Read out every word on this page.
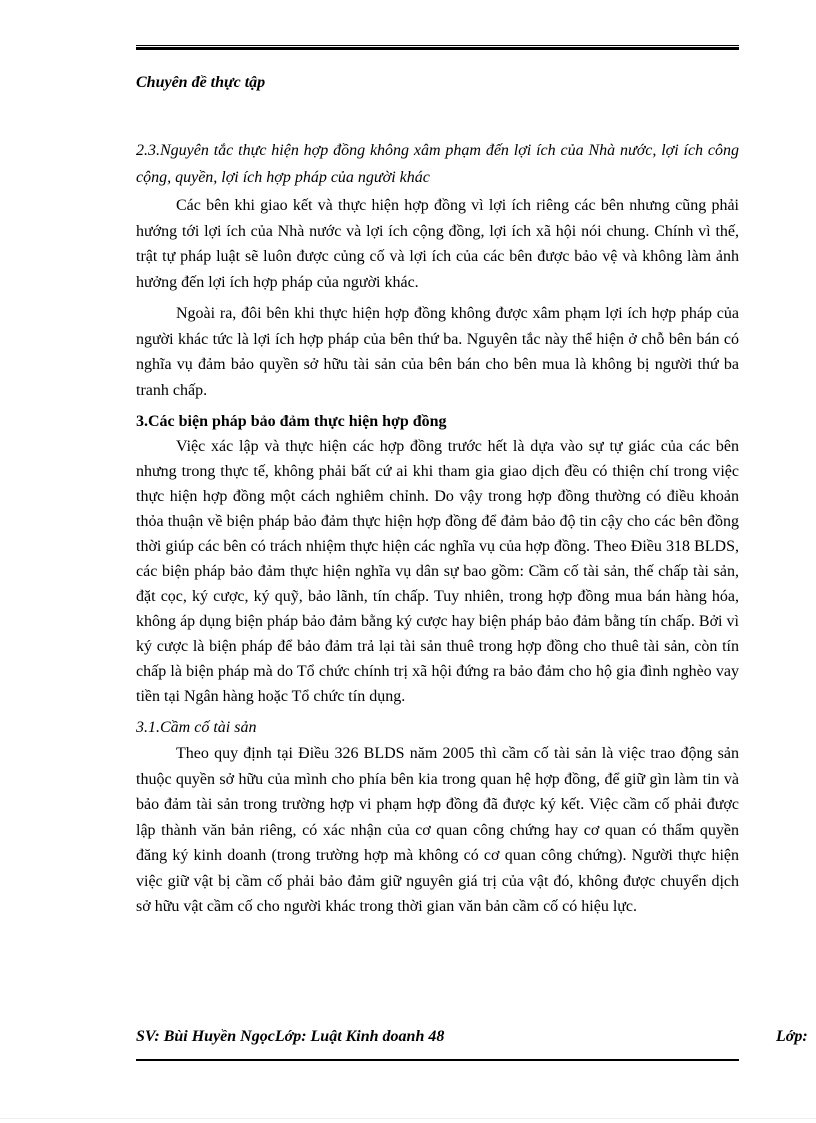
Chuyên đề thực tập
2.3.Nguyên tắc thực hiện hợp đồng không xâm phạm đến lợi ích của Nhà nước, lợi ích công cộng, quyền, lợi ích hợp pháp của người khác

Các bên khi giao kết và thực hiện hợp đồng vì lợi ích riêng các bên nhưng cũng phải hướng tới lợi ích của Nhà nước và lợi ích cộng đồng, lợi ích xã hội nói chung. Chính vì thế, trật tự pháp luật sẽ luôn được củng cố và lợi ích của các bên được bảo vệ và không làm ảnh hưởng đến lợi ích hợp pháp của người khác.

Ngoài ra, đôi bên khi thực hiện hợp đồng không được xâm phạm lợi ích hợp pháp của người khác tức là lợi ích hợp pháp của bên thứ ba. Nguyên tắc này thể hiện ở chỗ bên bán có nghĩa vụ đảm bảo quyền sở hữu tài sản của bên bán cho bên mua là không bị người thứ ba tranh chấp.

3.Các biện pháp bảo đảm thực hiện hợp đồng

Việc xác lập và thực hiện các hợp đồng trước hết là dựa vào sự tự giác của các bên nhưng trong thực tế, không phải bất cứ ai khi tham gia giao dịch đều có thiện chí trong việc thực hiện hợp đồng một cách nghiêm chỉnh. Do vậy trong hợp đồng thường có điều khoản thỏa thuận về biện pháp bảo đảm thực hiện hợp đồng để đảm bảo độ tin cậy cho các bên đồng thời giúp các bên có trách nhiệm thực hiện các nghĩa vụ của hợp đồng. Theo Điều 318 BLDS, các biện pháp bảo đảm thực hiện nghĩa vụ dân sự bao gồm: Cầm cố tài sản, thế chấp tài sản, đặt cọc, ký cược, ký quỹ, bảo lãnh, tín chấp. Tuy nhiên, trong hợp đồng mua bán hàng hóa, không áp dụng biện pháp bảo đảm bằng ký cược hay biện pháp bảo đảm bằng tín chấp. Bởi vì ký cược là biện pháp để bảo đảm trả lại tài sản thuê trong hợp đồng cho thuê tài sản, còn tín chấp là biện pháp mà do Tổ chức chính trị xã hội đứng ra bảo đảm cho hộ gia đình nghèo vay tiền tại Ngân hàng hoặc Tổ chức tín dụng.

3.1.Cầm cố tài sản

Theo quy định tại Điều 326 BLDS năm 2005 thì cầm cố tài sản là việc trao động sản thuộc quyền sở hữu của mình cho phía bên kia trong quan hệ hợp đồng, để giữ gìn làm tin và bảo đảm tài sản trong trường hợp vi phạm hợp đồng đã được ký kết. Việc cầm cố phải được lập thành văn bản riêng, có xác nhận của cơ quan công chứng hay cơ quan có thẩm quyền đăng ký kinh doanh (trong trường hợp mà không có cơ quan công chứng). Người thực hiện việc giữ vật bị cầm cố phải bảo đảm giữ nguyên giá trị của vật đó, không được chuyển dịch sở hữu vật cầm cố cho người khác trong thời gian văn bản cầm cố có hiệu lực.

SV: Bùi Huyền NgọcLớp: Luật Kinh doanh 48	Lớp:
